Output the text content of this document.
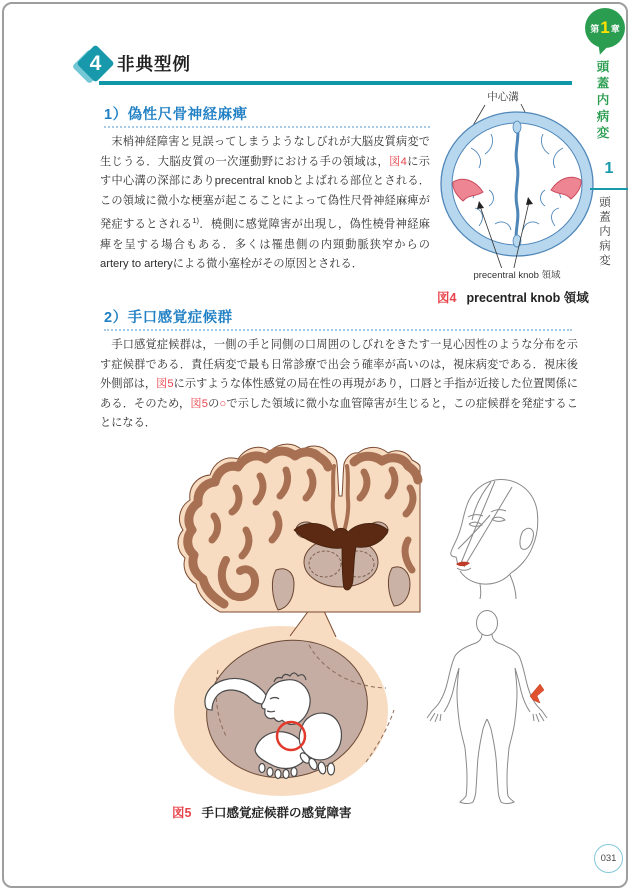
4 非典型例
1）偽性尺骨神経麻痺

　末梢神経障害と見誤ってしまうようなしびれが大脳皮質病変で生じうる．大脳皮質の一次運動野における手の領域は，図4に示す中心溝の深部にありprecentral knobとよばれる部位とされる．この領域に微小な梗塞が起こることによって偽性尺骨神経麻痺が発症するとされる$^{1)}$．橈側に感覚障害が出現し，偽性橈骨神経麻痺を呈する場合もある．多くは罹患側の内頸動脈狭窄からのartery to arteryによる微小塞栓がその原因とされる．

中心溝
precentral knob 領域
図4 precentral knob 領域
2）手口感覚症候群

　手口感覚症候群は，一側の手と同側の口周囲のしびれをきたす一見心因性のような分布を示す症候群である．責任病変で最も日常診療で出会う確率が高いのは，視床病変である．視床後外側部は，図5に示すような体性感覚の局在性の再現があり，口唇と手指が近接した位置関係にある．そのため，図5の○で示した領域に微小な血管障害が生じると，この症候群を発症することになる．

図5 手口感覚症候群の感覚障害
第 1 章
頭蓋内病変
1
頭蓋内病変
031
